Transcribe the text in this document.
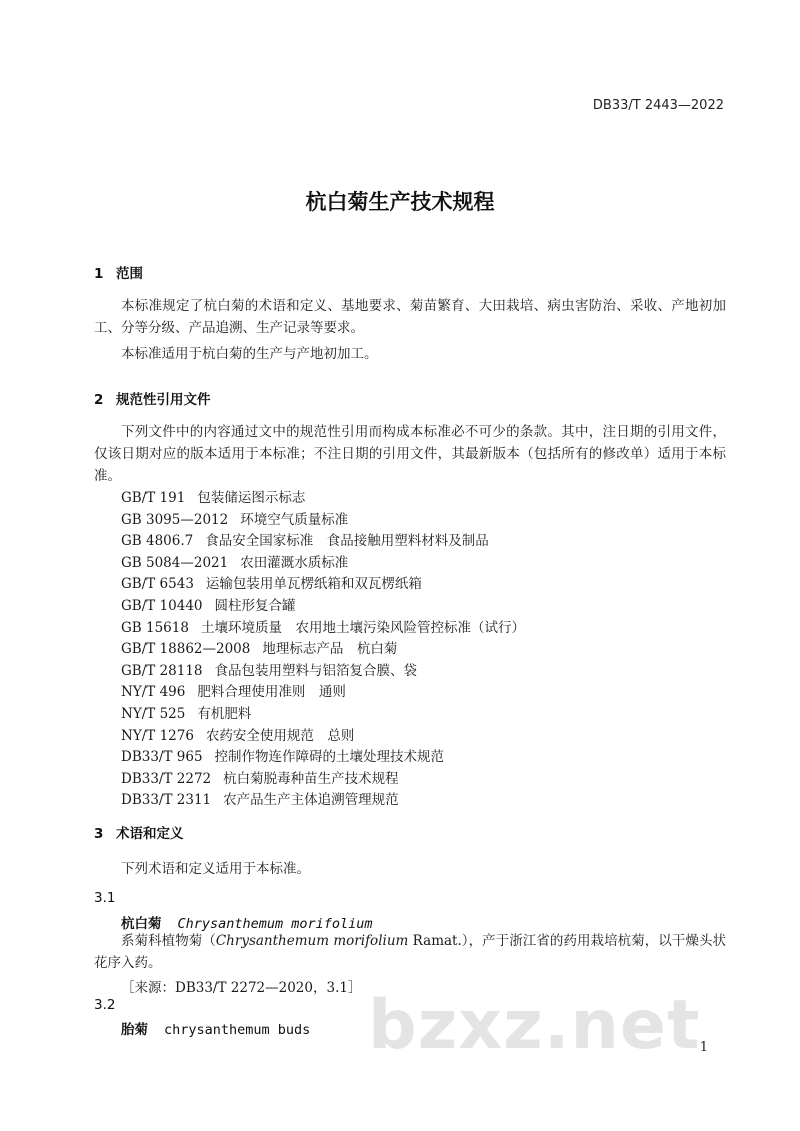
DB33/T 2443—2022
杭白菊生产技术规程
1 范围
本标准规定了杭白菊的术语和定义、基地要求、菊苗繁育、大田栽培、病虫害防治、采收、产地初加工、分等分级、产品追溯、生产记录等要求。
本标准适用于杭白菊的生产与产地初加工。
2 规范性引用文件
下列文件中的内容通过文中的规范性引用而构成本标准必不可少的条款。其中，注日期的引用文件，仅该日期对应的版本适用于本标准；不注日期的引用文件，其最新版本（包括所有的修改单）适用于本标准。
GB/T 191 包装储运图示标志
GB 3095—2012 环境空气质量标准
GB 4806.7 食品安全国家标准　食品接触用塑料材料及制品
GB 5084—2021 农田灌溉水质标准
GB/T 6543 运输包装用单瓦楞纸箱和双瓦楞纸箱
GB/T 10440 圆柱形复合罐
GB 15618 土壤环境质量　农用地土壤污染风险管控标准（试行）
GB/T 18862—2008 地理标志产品　杭白菊
GB/T 28118 食品包装用塑料与铝箔复合膜、袋
NY/T 496 肥料合理使用准则　通则
NY/T 525 有机肥料
NY/T 1276 农药安全使用规范　总则
DB33/T 965 控制作物连作障碍的土壤处理技术规范
DB33/T 2272 杭白菊脱毒种苗生产技术规程
DB33/T 2311 农产品生产主体追溯管理规范
3 术语和定义
下列术语和定义适用于本标准。
3.1
杭白菊 Chrysanthemum morifolium
系菊科植物菊（Chrysanthemum morifolium Ramat.），产于浙江省的药用栽培杭菊，以干燥头状花序入药。
［来源：DB33/T 2272—2020，3.1］
3.2
胎菊 chrysanthemum buds bzxz.net 1
